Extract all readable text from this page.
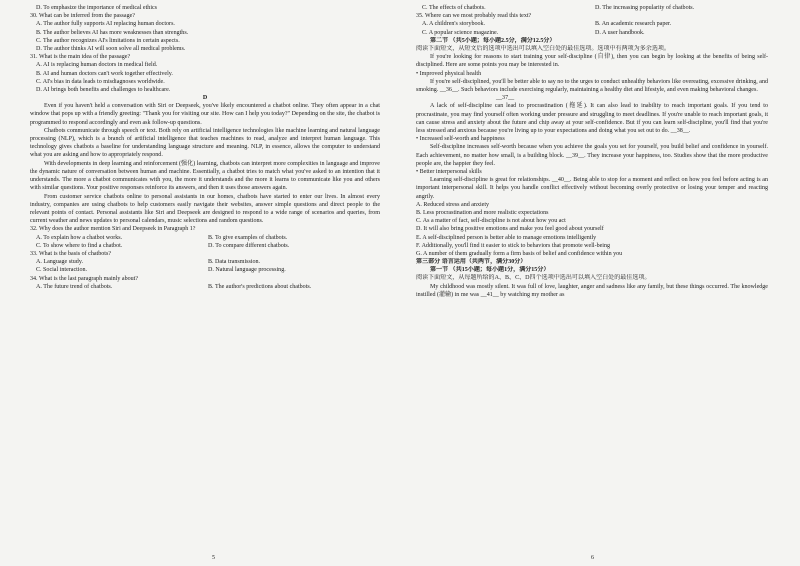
D. To emphasize the importance of medical ethics
30. What can be inferred from the passage?
A. The author fully supports AI replacing human doctors.
B. The author believes AI has more weaknesses than strengths.
C. The author recognizes AI's limitations in certain aspects.
D. The author thinks AI will soon solve all medical problems.
31. What is the main idea of the passage?
A. AI is replacing human doctors in medical field.
B. AI and human doctors can't work together effectively.
C. AI's bias in data leads to misdiagnoses worldwide.
D. AI brings both benefits and challenges to healthcare.
D
Even if you haven't held a conversation with Siri or Deepseek, you've likely encountered a chatbot online. They often appear in a chat window that pops up with a friendly greeting: "Thank you for visiting our site. How can I help you today?" Depending on the site, the chatbot is programmed to respond accordingly and even ask follow-up questions.
Chatbots communicate through speech or text. Both rely on artificial intelligence technologies like machine learning and natural language processing (NLP), which is a branch of artificial intelligence that teaches machines to read, analyze and interpret human language. This technology gives chatbots a baseline for understanding language structure and meaning. NLP, in essence, allows the computer to understand what you are asking and how to appropriately respond.
With developments in deep learning and reinforcement (强化) learning, chatbots can interpret more complexities in language and improve the dynamic nature of conversation between human and machine. Essentially, a chatbot tries to match what you've asked to an intention that it understands. The more a chatbot communicates with you, the more it understands and the more it learns to communicate like you and others with similar questions. Your positive responses reinforce its answers, and then it uses those answers again.
From customer service chatbots online to personal assistants in our homes, chatbots have started to enter our lives. In almost every industry, companies are using chatbots to help customers easily navigate their websites, answer simple questions and direct people to the relevant points of contact. Personal assistants like Siri and Deepseek are designed to respond to a wide range of scenarios and queries, from current weather and news updates to personal calendars, music selections and random questions.
32. Why does the author mention Siri and Deepseek in Paragraph 1?
A. To explain how a chatbot works.	B. To give examples of chatbots.
C. To show where to find a chatbot.	D. To compare different chatbots.
33. What is the basis of chatbots?
A. Language study.	B. Data transmission.
C. Social interaction.	D. Natural language processing.
34. What is the last paragraph mainly about?
A. The future trend of chatbots.	B. The author's predictions about chatbots.
5
C. The effects of chatbots.	D. The increasing popularity of chatbots.
35. Where can we most probably read this text?
A. A children's storybook.	B. An academic research paper.
C. A popular science magazine.	D. A user handbook.
第二节 （共5小题；每小题2.5分，满分12.5分）
阅读下面短文，从短文后的选项中选出可以填入空白处的最佳选项。选项中有两项为多余选项。
If you're looking for reasons to start training your self-discipline (自律), then you can begin by looking at the benefits of being self-disciplined. Here are some points you may be interested in.
• Improved physical health
If you're self-disciplined, you'll be better able to say no to the urges to conduct unhealthy behaviors like overeating, excessive drinking, and smoking. __36__. Such behaviors include exercising regularly, maintaining a healthy diet and lifestyle, and even making behavioral changes.
__37__
A lack of self-discipline can lead to procrastination (拖延). It can also lead to inability to reach important goals. If you tend to procrastinate, you may find yourself often working under pressure and struggling to meet deadlines. If you're unable to reach important goals, it can cause stress and anxiety about the future and chip away at your self-confidence. But if you can learn self-discipline, you'll find that you're less stressed and anxious because you're living up to your expectations and doing what you set out to do. __38__.
• Increased self-worth and happiness
Self-discipline increases self-worth because when you achieve the goals you set for yourself, you build belief and confidence in yourself. Each achievement, no matter how small, is a building block. __39__. They increase your happiness, too. Studies show that the more productive people are, the happier they feel.
• Better interpersonal skills
Learning self-discipline is great for relationships. __40__. Being able to stop for a moment and reflect on how you feel before acting is an important interpersonal skill. It helps you handle conflict effectively without becoming overly protective or losing your temper and reacting angrily.
A. Reduced stress and anxiety
B. Less procrastination and more realistic expectations
C. As a matter of fact, self-discipline is not about how you act
D. It will also bring positive emotions and make you feel good about yourself
E. A self-disciplined person is better able to manage emotions intelligently
F. Additionally, you'll find it easier to stick to behaviors that promote well-being
G. A number of them gradually form a firm basis of belief and confidence within you
第三部分 语言运用（共两节，满分30分）
第一节 （共15小题；每小题1分，满分15分）
阅读下面短文，从每题所给的A、B、C、D四个选项中选出可以填入空白处的最佳选项。
My childhood was mostly silent. It was full of love, laughter, anger and sadness like any family, but these things occurred. The knowledge instilled (灌输) in me was __41__ by watching my mother as
6
